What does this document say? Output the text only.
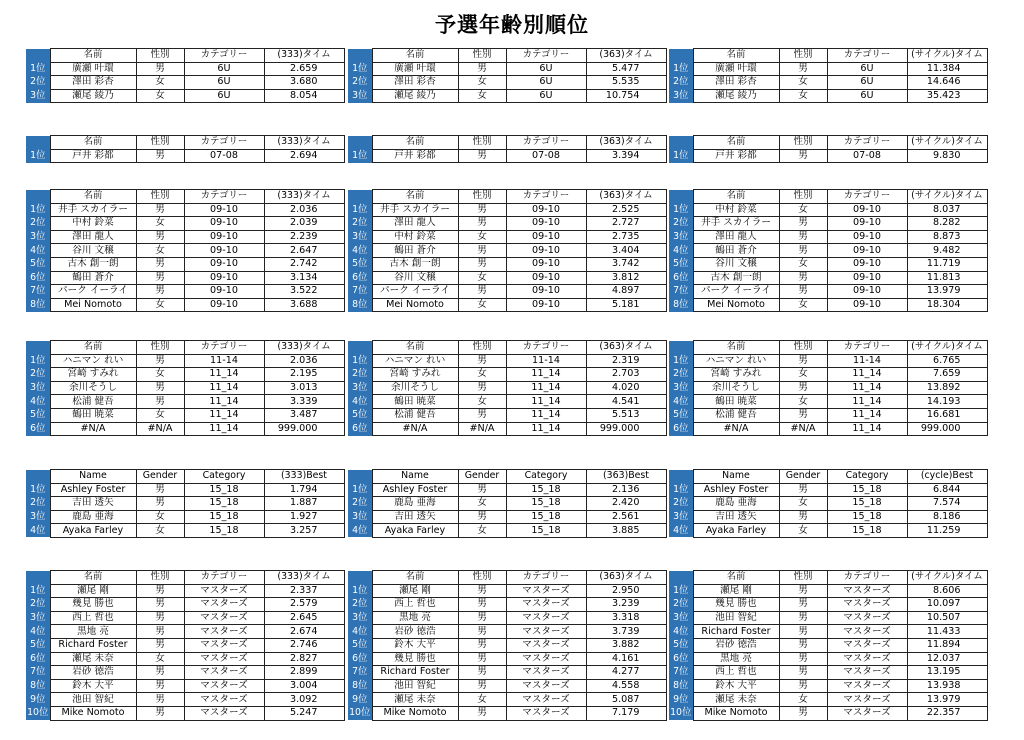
予選年齢別順位
	名前	性別	カテゴリー	(333)タイム
1位	廣瀬 叶環	男	6U	2.659
2位	澤田 彩杏	女	6U	3.680
3位	瀬尾 綾乃	女	6U	8.054
	名前	性別	カテゴリー	(363)タイム
1位	廣瀬 叶環	男	6U	5.477
2位	澤田 彩杏	女	6U	5.535
3位	瀬尾 綾乃	女	6U	10.754
	名前	性別	カテゴリー	(サイクル)タイム
1位	廣瀬 叶環	男	6U	11.384
2位	澤田 彩杏	女	6U	14.646
3位	瀬尾 綾乃	女	6U	35.423
	名前	性別	カテゴリー	(333)タイム
1位	戸井 彩都	男	07-08	2.694
	名前	性別	カテゴリー	(363)タイム
1位	戸井 彩都	男	07-08	3.394
	名前	性別	カテゴリー	(サイクル)タイム
1位	戸井 彩都	男	07-08	9.830
	名前	性別	カテゴリー	(333)タイム
1位	井手 スカイラー	男	09-10	2.036
2位	中村 鈴菜	女	09-10	2.039
3位	澤田 龍人	男	09-10	2.239
4位	谷川 文穣	女	09-10	2.647
5位	古木 創一朗	男	09-10	2.742
6位	鶴田 蒼介	男	09-10	3.134
7位	パーク イーライ	男	09-10	3.522
8位	Mei Nomoto	女	09-10	3.688
	名前	性別	カテゴリー	(363)タイム
1位	井手 スカイラー	男	09-10	2.525
2位	澤田 龍人	男	09-10	2.727
3位	中村 鈴菜	女	09-10	2.735
4位	鶴田 蒼介	男	09-10	3.404
5位	古木 創一朗	男	09-10	3.742
6位	谷川 文穣	女	09-10	3.812
7位	パーク イーライ	男	09-10	4.897
8位	Mei Nomoto	女	09-10	5.181
	名前	性別	カテゴリー	(サイクル)タイム
1位	中村 鈴菜	女	09-10	8.037
2位	井手 スカイラー	男	09-10	8.282
3位	澤田 龍人	男	09-10	8.873
4位	鶴田 蒼介	男	09-10	9.482
5位	谷川 文穣	女	09-10	11.719
6位	古木 創一朗	男	09-10	11.813
7位	パーク イーライ	男	09-10	13.979
8位	Mei Nomoto	女	09-10	18.304
	名前	性別	カテゴリー	(333)タイム
1位	ハニマン れい	男	11-14	2.036
2位	宮崎 すみれ	女	11_14	2.195
3位	余川そうし	男	11_14	3.013
4位	松浦 健吾	男	11_14	3.339
5位	鶴田 暁菜	女	11_14	3.487
6位	#N/A	#N/A	11_14	999.000
	名前	性別	カテゴリー	(363)タイム
1位	ハニマン れい	男	11-14	2.319
2位	宮崎 すみれ	女	11_14	2.703
3位	余川そうし	男	11_14	4.020
4位	鶴田 暁菜	女	11_14	4.541
5位	松浦 健吾	男	11_14	5.513
6位	#N/A	#N/A	11_14	999.000
	名前	性別	カテゴリー	(サイクル)タイム
1位	ハニマン れい	男	11-14	6.765
2位	宮崎 すみれ	女	11_14	7.659
3位	余川そうし	男	11_14	13.892
4位	鶴田 暁菜	女	11_14	14.193
5位	松浦 健吾	男	11_14	16.681
6位	#N/A	#N/A	11_14	999.000
	Name	Gender	Category	(333)Best
1位	Ashley Foster	男	15_18	1.794
2位	吉田 透矢	男	15_18	1.887
3位	鹿島 亜海	女	15_18	1.927
4位	Ayaka Farley	女	15_18	3.257
	Name	Gender	Category	(363)Best
1位	Ashley Foster	男	15_18	2.136
2位	鹿島 亜海	女	15_18	2.420
3位	吉田 透矢	男	15_18	2.561
4位	Ayaka Farley	女	15_18	3.885
	Name	Gender	Category	(cycle)Best
1位	Ashley Foster	男	15_18	6.844
2位	鹿島 亜海	女	15_18	7.574
3位	吉田 透矢	男	15_18	8.186
4位	Ayaka Farley	女	15_18	11.259
	名前	性別	カテゴリー	(333)タイム
1位	瀬尾 剛	男	マスターズ	2.337
2位	幾見 勝也	男	マスターズ	2.579
3位	西上 哲也	男	マスターズ	2.645
4位	黒地 亮	男	マスターズ	2.674
5位	Richard Foster	男	マスターズ	2.746
6位	瀬尾 未奈	女	マスターズ	2.827
7位	岩砂 徳浩	男	マスターズ	2.899
8位	鈴木 大平	男	マスターズ	3.004
9位	池田 智紀	男	マスターズ	3.092
10位	Mike Nomoto	男	マスターズ	5.247
	名前	性別	カテゴリー	(363)タイム
1位	瀬尾 剛	男	マスターズ	2.950
2位	西上 哲也	男	マスターズ	3.239
3位	黒地 亮	男	マスターズ	3.318
4位	岩砂 徳浩	男	マスターズ	3.739
5位	鈴木 大平	男	マスターズ	3.882
6位	幾見 勝也	男	マスターズ	4.161
7位	Richard Foster	男	マスターズ	4.277
8位	池田 智紀	男	マスターズ	4.558
9位	瀬尾 未奈	女	マスターズ	5.087
10位	Mike Nomoto	男	マスターズ	7.179
	名前	性別	カテゴリー	(サイクル)タイム
1位	瀬尾 剛	男	マスターズ	8.606
2位	幾見 勝也	男	マスターズ	10.097
3位	池田 智紀	男	マスターズ	10.507
4位	Richard Foster	男	マスターズ	11.433
5位	岩砂 徳浩	男	マスターズ	11.894
6位	黒地 亮	男	マスターズ	12.037
7位	西上 哲也	男	マスターズ	13.195
8位	鈴木 大平	男	マスターズ	13.938
9位	瀬尾 未奈	女	マスターズ	13.979
10位	Mike Nomoto	男	マスターズ	22.357
